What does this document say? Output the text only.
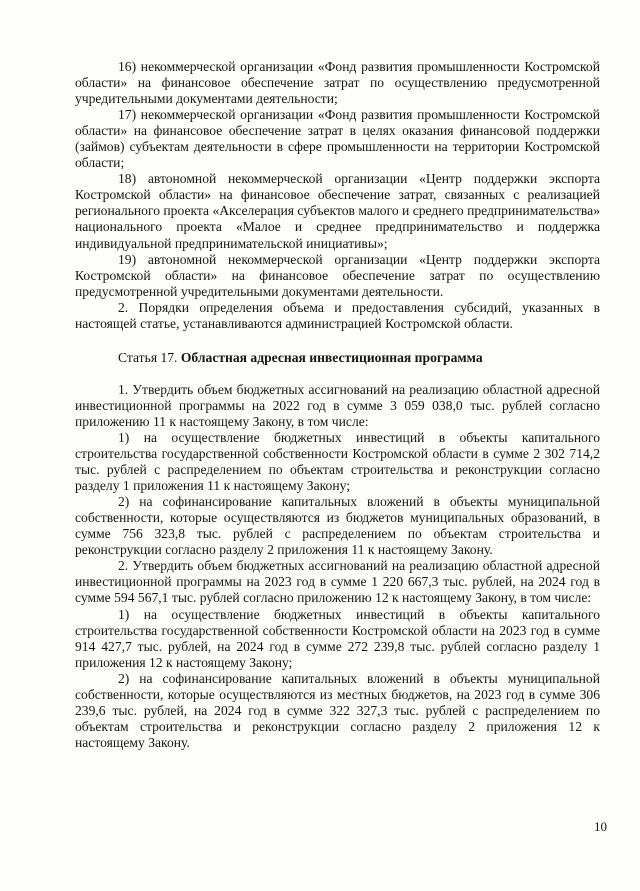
16) некоммерческой организации «Фонд развития промышленности Костромской области» на финансовое обеспечение затрат по осуществлению предусмотренной учредительными документами деятельности;

17) некоммерческой организации «Фонд развития промышленности Костромской области» на финансовое обеспечение затрат в целях оказания финансовой поддержки (займов) субъектам деятельности в сфере промышленности на территории Костромской области;

18) автономной некоммерческой организации «Центр поддержки экспорта Костромской области» на финансовое обеспечение затрат, связанных с реализацией регионального проекта «Акселерация субъектов малого и среднего предпринимательства» национального проекта «Малое и среднее предпринимательство и поддержка индивидуальной предпринимательской инициативы»;

19) автономной некоммерческой организации «Центр поддержки экспорта Костромской области» на финансовое обеспечение затрат по осуществлению предусмотренной учредительными документами деятельности.

2. Порядки определения объема и предоставления субсидий, указанных в настоящей статье, устанавливаются администрацией Костромской области.

Статья 17. Областная адресная инвестиционная программа

1. Утвердить объем бюджетных ассигнований на реализацию областной адресной инвестиционной программы на 2022 год в сумме 3 059 038,0 тыс. рублей согласно приложению 11 к настоящему Закону, в том числе:

1) на осуществление бюджетных инвестиций в объекты капитального строительства государственной собственности Костромской области в сумме 2 302 714,2 тыс. рублей с распределением по объектам строительства и реконструкции согласно разделу 1 приложения 11 к настоящему Закону;

2) на софинансирование капитальных вложений в объекты муниципальной собственности, которые осуществляются из бюджетов муниципальных образований, в сумме 756 323,8 тыс. рублей с распределением по объектам строительства и реконструкции согласно разделу 2 приложения 11 к настоящему Закону.

2. Утвердить объем бюджетных ассигнований на реализацию областной адресной инвестиционной программы на 2023 год в сумме 1 220 667,3 тыс. рублей, на 2024 год в сумме 594 567,1 тыс. рублей согласно приложению 12 к настоящему Закону, в том числе:

1) на осуществление бюджетных инвестиций в объекты капитального строительства государственной собственности Костромской области на 2023 год в сумме 914 427,7 тыс. рублей, на 2024 год в сумме 272 239,8 тыс. рублей согласно разделу 1 приложения 12 к настоящему Закону;

2) на софинансирование капитальных вложений в объекты муниципальной собственности, которые осуществляются из местных бюджетов, на 2023 год в сумме 306 239,6 тыс. рублей, на 2024 год в сумме 322 327,3 тыс. рублей с распределением по объектам строительства и реконструкции согласно разделу 2 приложения 12 к настоящему Закону.

10
